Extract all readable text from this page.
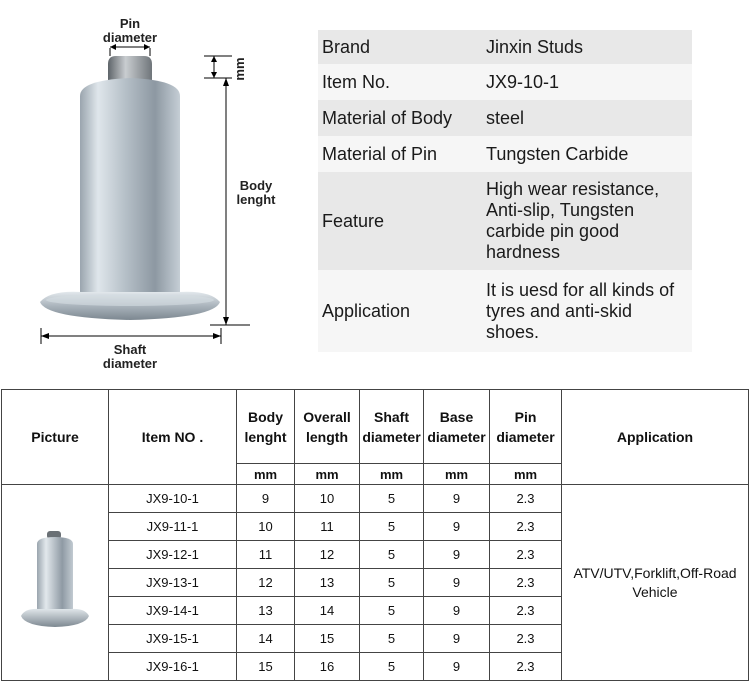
Pin
diameter
mm
Body
lenght
Shaft
diameter
Brand	Jinxin Studs
Item No.	JX9-10-1
Material of Body	steel
Material of Pin	Tungsten Carbide
Feature	High wear resistance, Anti-slip, Tungsten carbide pin good hardness
Application	It is uesd for all kinds of tyres and anti-skid shoes.
Picture	Item NO .	Body lenght	Overall length	Shaft diameter	Base diameter	Pin diameter	Application
		mm	mm	mm	mm	mm	
	JX9-10-1	9	10	5	9	2.3	ATV/UTV,Forklift,Off-Road Vehicle
	JX9-11-1	10	11	5	9	2.3	
	JX9-12-1	11	12	5	9	2.3	
	JX9-13-1	12	13	5	9	2.3	
	JX9-14-1	13	14	5	9	2.3	
	JX9-15-1	14	15	5	9	2.3	
	JX9-16-1	15	16	5	9	2.3	
